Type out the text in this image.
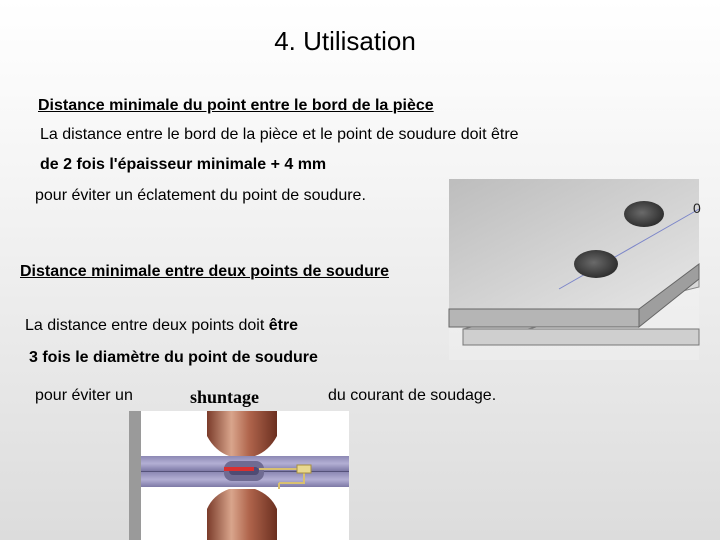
4. Utilisation
Distance minimale du point entre le bord de la pièce
La distance entre le bord de la pièce et le point de soudure doit être
de 2 fois l'épaisseur minimale + 4 mm
pour éviter un éclatement du point de soudure.
Distance minimale entre deux points de soudure
La distance entre deux points doit être
3 fois le diamètre du point de soudure
pour éviter un	shuntage	du courant de soudage.
0
